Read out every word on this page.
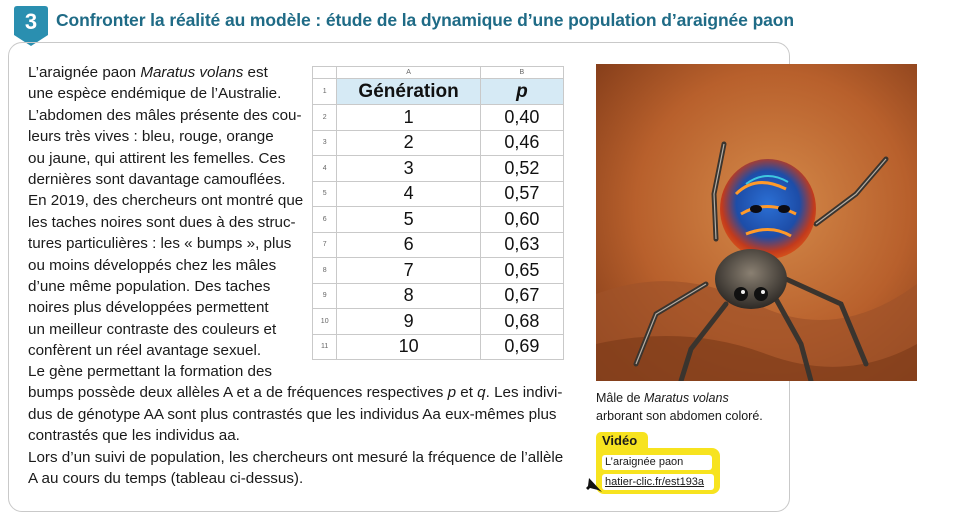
3	Confronter la réalité au modèle : étude de la dynamique d’une population d’araignée paon
L’araignée paon Maratus volans est
une espèce endémique de l’Australie.
L’abdomen des mâles présente des cou-
leurs très vives : bleu, rouge, orange
ou jaune, qui attirent les femelles. Ces
dernières sont davantage camouflées.
En 2019, des chercheurs ont montré que
les taches noires sont dues à des struc-
tures particulières : les « bumps », plus
ou moins développés chez les mâles
d’une même population. Des taches
noires plus développées permettent
un meilleur contraste des couleurs et
confèrent un réel avantage sexuel.
Le gène permettant la formation des
bumps possède deux allèles A et a de fréquences respectives p et q. Les indivi-
dus de génotype AA sont plus contrastés que les individus Aa eux-mêmes plus
contrastés que les individus aa.
Lors d’un suivi de population, les chercheurs ont mesuré la fréquence de l’allèle
A au cours du temps (tableau ci-dessus).
	A	B
1	Génération	p
2	1	0,40
3	2	0,46
4	3	0,52
5	4	0,57
6	5	0,60
7	6	0,63
8	7	0,65
9	8	0,67
10	9	0,68
11	10	0,69
Mâle de Maratus volans
arborant son abdomen coloré.
Vidéo
L’araignée paon
hatier-clic.fr/est193a
